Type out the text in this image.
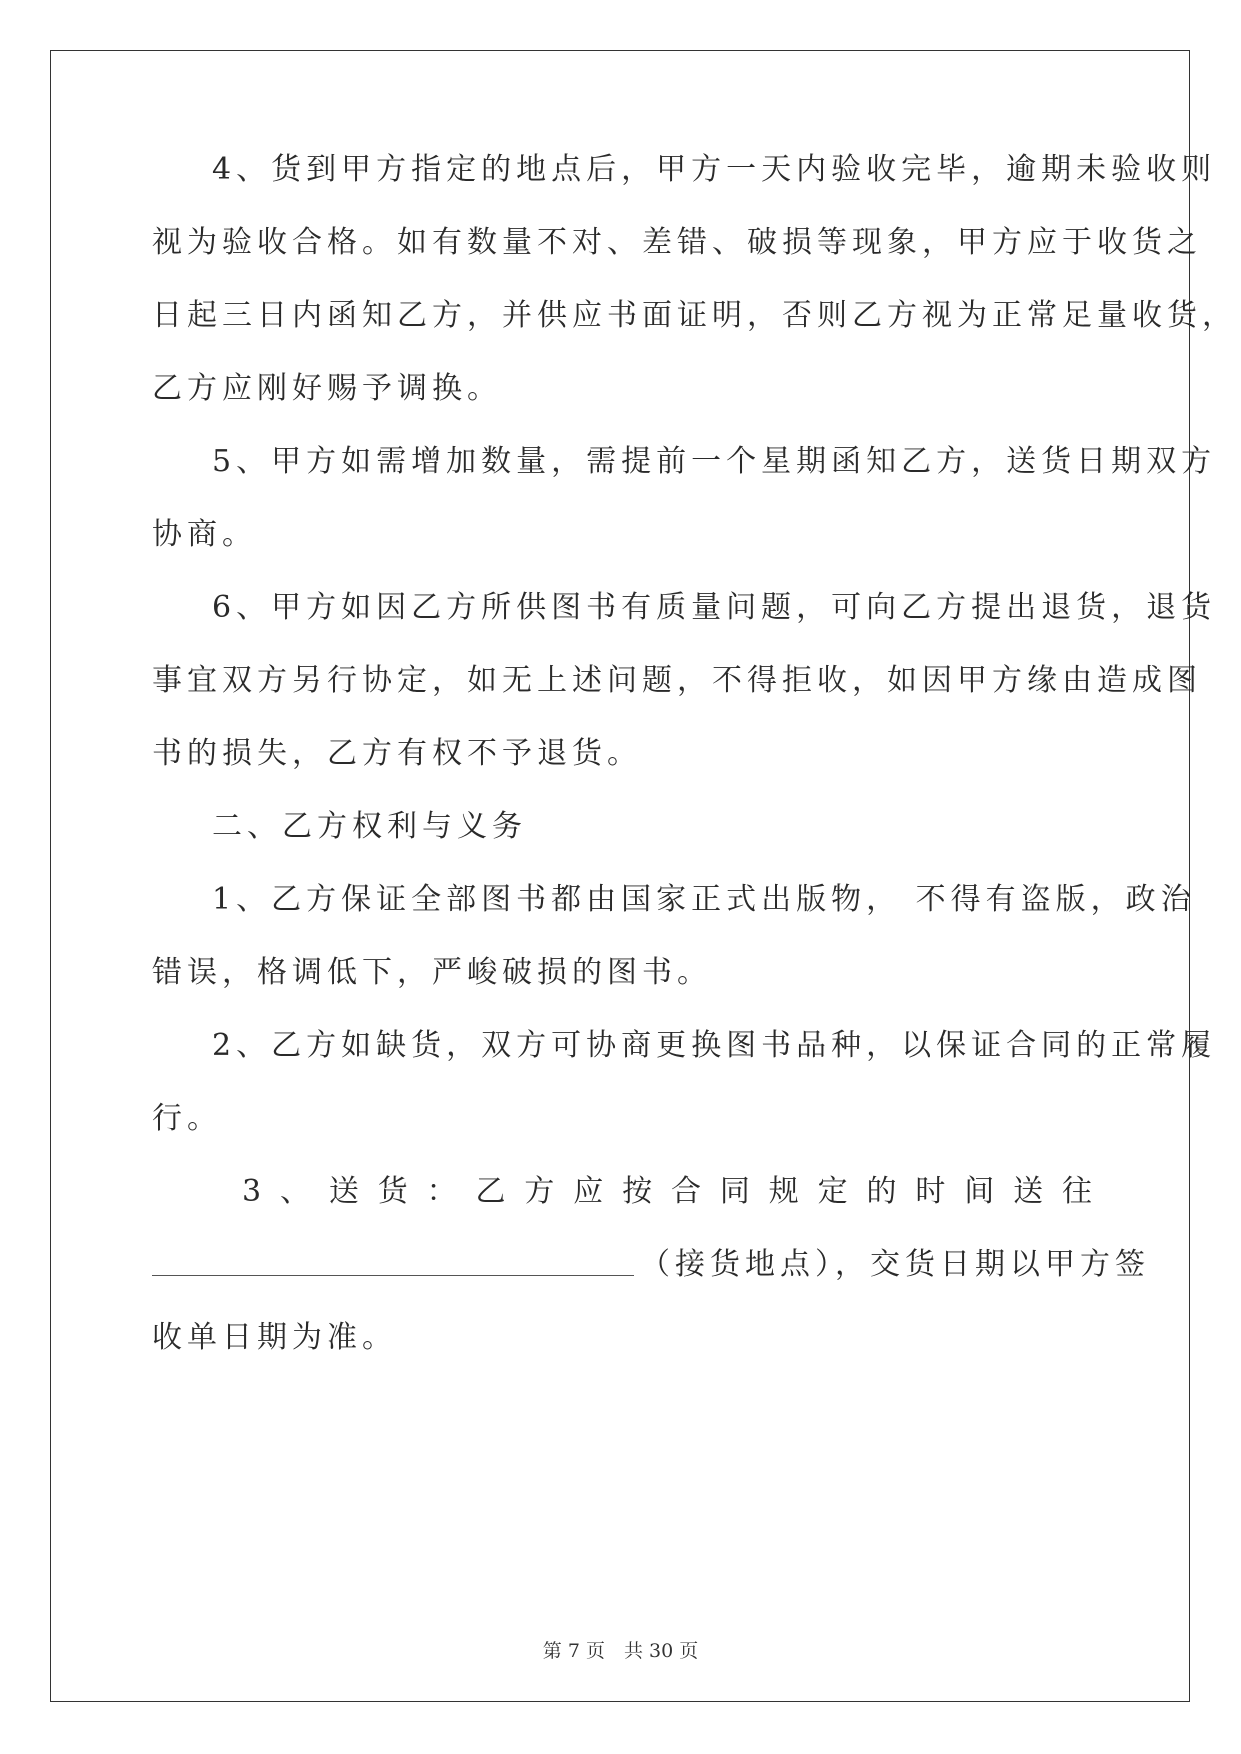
4、货到甲方指定的地点后，甲方一天内验收完毕，逾期未验收则
视为验收合格。如有数量不对、差错、破损等现象，甲方应于收货之
日起三日内函知乙方，并供应书面证明，否则乙方视为正常足量收货，
乙方应刚好赐予调换。
5、甲方如需增加数量，需提前一个星期函知乙方，送货日期双方
协商。
6、甲方如因乙方所供图书有质量问题，可向乙方提出退货，退货
事宜双方另行协定，如无上述问题，不得拒收，如因甲方缘由造成图
书的损失，乙方有权不予退货。
二、乙方权利与义务
1、乙方保证全部图书都由国家正式出版物， 不得有盗版，政治
错误，格调低下，严峻破损的图书。
2、乙方如缺货，双方可协商更换图书品种，以保证合同的正常履
行。
3 、 送 货 ： 乙 方 应 按 合 同 规 定 的 时 间 送 往
（接货地点），交货日期以甲方签
收单日期为准。
第 7 页　共 30 页
